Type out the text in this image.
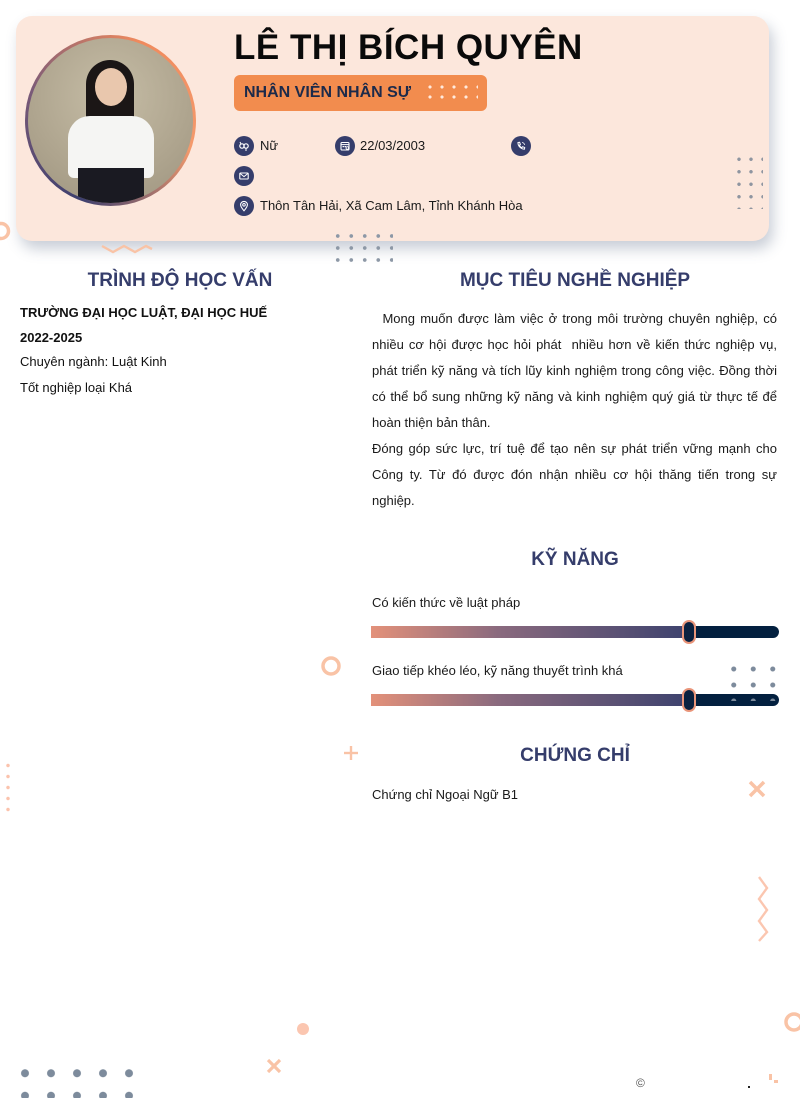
LÊ THỊ BÍCH QUYÊN
NHÂN VIÊN NHÂN SỰ
Nữ	22/03/2003
Thôn Tân Hải, Xã Cam Lâm, Tỉnh Khánh Hòa
TRÌNH ĐỘ HỌC VẤN
TRƯỜNG ĐẠI HỌC LUẬT, ĐẠI HỌC HUẾ
2022-2025
Chuyên ngành: Luật Kinh
Tốt nghiệp loại Khá
MỤC TIÊU NGHỀ NGHIỆP

Mong muốn được làm việc ở trong môi trường chuyên nghiệp, có nhiều cơ hội được học hỏi phát  nhiều hơn về kiến thức nghiệp vụ, phát triển kỹ năng và tích lũy kinh nghiệm trong công việc. Đồng thời có thể bổ sung những kỹ năng và kinh nghiệm quý giá từ thực tế để hoàn thiện bản thân.

Đóng góp sức lực, trí tuệ để tạo nên sự phát triển vững mạnh cho Công ty. Từ đó được đón nhận nhiều cơ hội thăng tiến trong sự nghiệp.

KỸ NĂNG
Có kiến thức về luật pháp
Giao tiếp khéo léo, kỹ năng thuyết trình khá
CHỨNG CHỈ
Chứng chỉ Ngoại Ngữ B1
©
